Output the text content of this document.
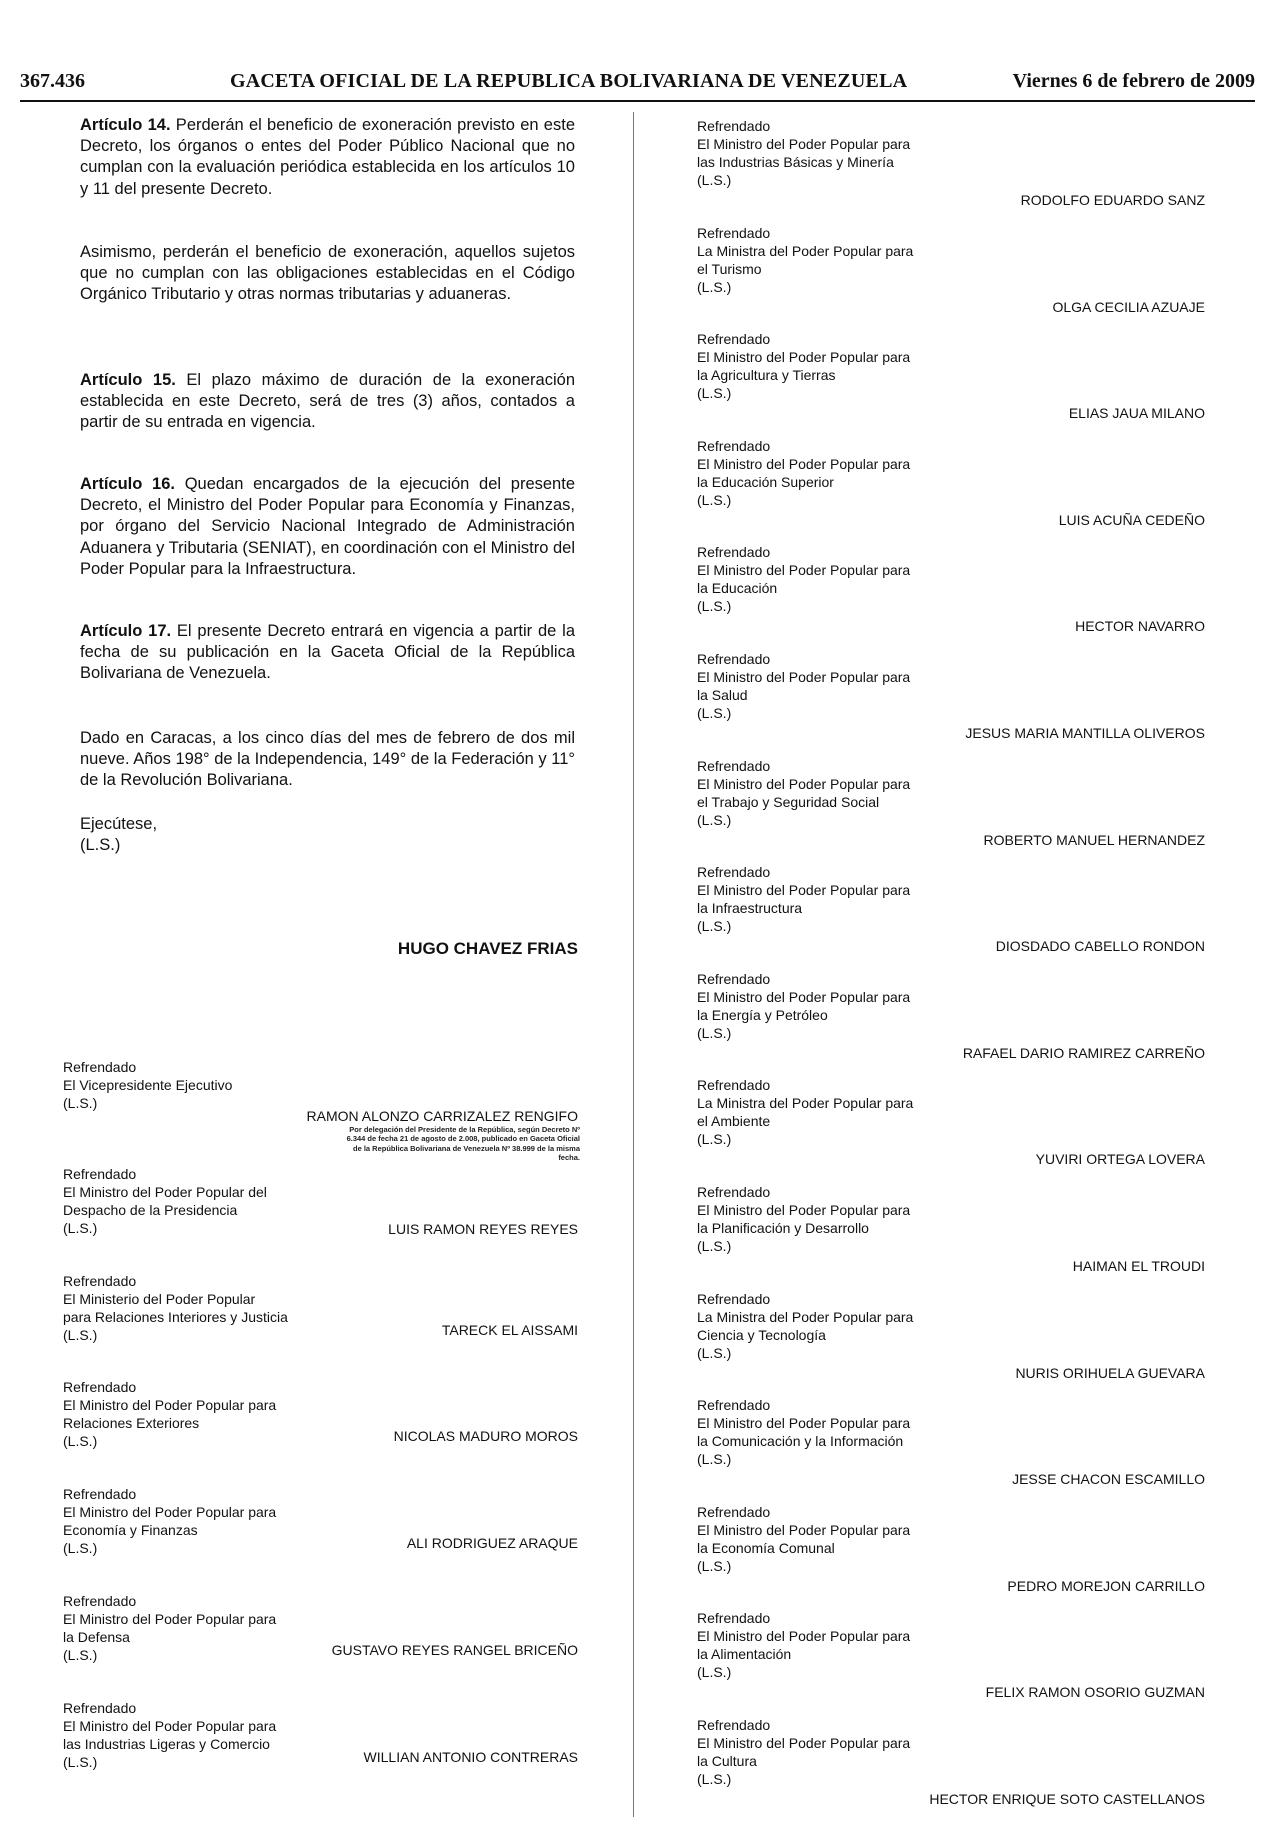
367.436	GACETA OFICIAL DE LA REPUBLICA BOLIVARIANA DE VENEZUELA	Viernes 6 de febrero de 2009
Artículo 14. Perderán el beneficio de exoneración previsto en este Decreto, los órganos o entes del Poder Público Nacional que no cumplan con la evaluación periódica establecida en los artículos 10 y 11 del presente Decreto.
Asimismo, perderán el beneficio de exoneración, aquellos sujetos que no cumplan con las obligaciones establecidas en el Código Orgánico Tributario y otras normas tributarias y aduaneras.
Artículo 15. El plazo máximo de duración de la exoneración establecida en este Decreto, será de tres (3) años, contados a partir de su entrada en vigencia.
Artículo 16. Quedan encargados de la ejecución del presente Decreto, el Ministro del Poder Popular para Economía y Finanzas, por órgano del Servicio Nacional Integrado de Administración Aduanera y Tributaria (SENIAT), en coordinación con el Ministro del Poder Popular para la Infraestructura.
Artículo 17. El presente Decreto entrará en vigencia a partir de la fecha de su publicación en la Gaceta Oficial de la República Bolivariana de Venezuela.
Dado en Caracas, a los cinco días del mes de febrero de dos mil nueve. Años 198° de la Independencia, 149° de la Federación y 11° de la Revolución Bolivariana.
Ejecútese,
(L.S.)
HUGO CHAVEZ FRIAS
Por delegación del Presidente de la República, según Decreto Nº 6.344 de fecha 21 de agosto de 2.008, publicado en Gaceta Oficial de la República Bolivariana de Venezuela Nº 38.999 de la misma fecha.
Refrendado
El Vicepresidente Ejecutivo
(L.S.)
RAMON ALONZO CARRIZALEZ RENGIFO
Refrendado
El Ministro del Poder Popular del
Despacho de la Presidencia
(L.S.)	LUIS RAMON REYES REYES
Refrendado
El Ministerio del Poder Popular
para Relaciones Interiores y Justicia
(L.S.)	TARECK EL AISSAMI
Refrendado
El Ministro del Poder Popular para
Relaciones Exteriores
(L.S.)	NICOLAS MADURO MOROS
Refrendado
El Ministro del Poder Popular para
Economía y Finanzas
(L.S.)	ALI RODRIGUEZ ARAQUE
Refrendado
El Ministro del Poder Popular para
la Defensa
(L.S.)	GUSTAVO REYES RANGEL BRICEÑO
Refrendado
El Ministro del Poder Popular para
las Industrias Ligeras y Comercio
(L.S.)	WILLIAN ANTONIO CONTRERAS
Refrendado
El Ministro del Poder Popular para
las Industrias Básicas y Minería
(L.S.)
RODOLFO EDUARDO SANZ
Refrendado
La Ministra del Poder Popular para
el Turismo
(L.S.)
OLGA CECILIA AZUAJE
Refrendado
El Ministro del Poder Popular para
la Agricultura y Tierras
(L.S.)
ELIAS JAUA MILANO
Refrendado
El Ministro del Poder Popular para
la Educación Superior
(L.S.)
LUIS ACUÑA CEDEÑO
Refrendado
El Ministro del Poder Popular para
la Educación
(L.S.)
HECTOR NAVARRO
Refrendado
El Ministro del Poder Popular para
la Salud
(L.S.)
JESUS MARIA MANTILLA OLIVEROS
Refrendado
El Ministro del Poder Popular para
el Trabajo y Seguridad Social
(L.S.)
ROBERTO MANUEL HERNANDEZ
Refrendado
El Ministro del Poder Popular para
la Infraestructura
(L.S.)
DIOSDADO CABELLO RONDON
Refrendado
El Ministro del Poder Popular para
la Energía y Petróleo
(L.S.)
RAFAEL DARIO RAMIREZ CARREÑO
Refrendado
La Ministra del Poder Popular para
el Ambiente
(L.S.)
YUVIRI ORTEGA LOVERA
Refrendado
El Ministro del Poder Popular para
la Planificación y Desarrollo
(L.S.)
HAIMAN EL TROUDI
Refrendado
La Ministra del Poder Popular para
Ciencia y Tecnología
(L.S.)
NURIS ORIHUELA GUEVARA
Refrendado
El Ministro del Poder Popular para
la Comunicación y la Información
(L.S.)
JESSE CHACON ESCAMILLO
Refrendado
El Ministro del Poder Popular para
la Economía Comunal
(L.S.)
PEDRO MOREJON CARRILLO
Refrendado
El Ministro del Poder Popular para
la Alimentación
(L.S.)
FELIX RAMON OSORIO GUZMAN
Refrendado
El Ministro del Poder Popular para
la Cultura
(L.S.)
HECTOR ENRIQUE SOTO CASTELLANOS
